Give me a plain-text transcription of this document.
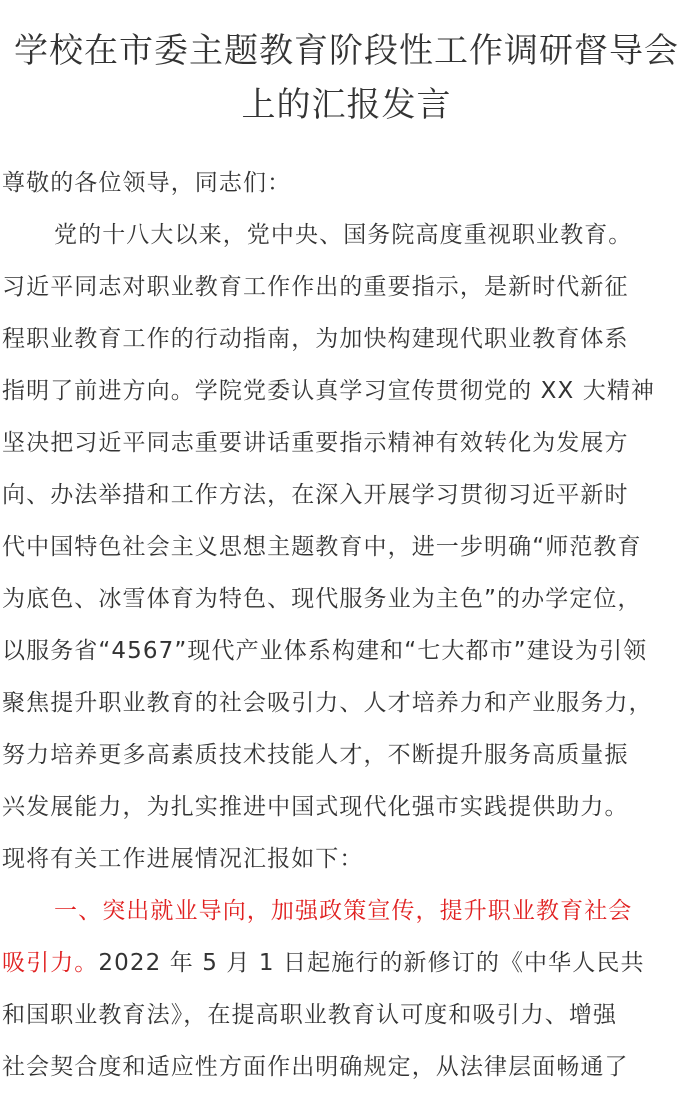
学校在市委主题教育阶段性工作调研督导会
上的汇报发言
尊敬的各位领导，同志们：
党的十八大以来，党中央、国务院高度重视职业教育。
习近平同志对职业教育工作作出的重要指示，是新时代新征
程职业教育工作的行动指南，为加快构建现代职业教育体系
指明了前进方向。学院党委认真学习宣传贯彻党的 XX 大精神
坚决把习近平同志重要讲话重要指示精神有效转化为发展方
向、办法举措和工作方法，在深入开展学习贯彻习近平新时
代中国特色社会主义思想主题教育中，进一步明确“师范教育
为底色、冰雪体育为特色、现代服务业为主色”的办学定位，
以服务省“4567”现代产业体系构建和“七大都市”建设为引领
聚焦提升职业教育的社会吸引力、人才培养力和产业服务力，
努力培养更多高素质技术技能人才，不断提升服务高质量振
兴发展能力，为扎实推进中国式现代化强市实践提供助力。
现将有关工作进展情况汇报如下：
一、突出就业导向，加强政策宣传，提升职业教育社会
吸引力。2022 年 5 月 1 日起施行的新修订的《中华人民共
和国职业教育法》，在提高职业教育认可度和吸引力、增强
社会契合度和适应性方面作出明确规定，从法律层面畅通了
